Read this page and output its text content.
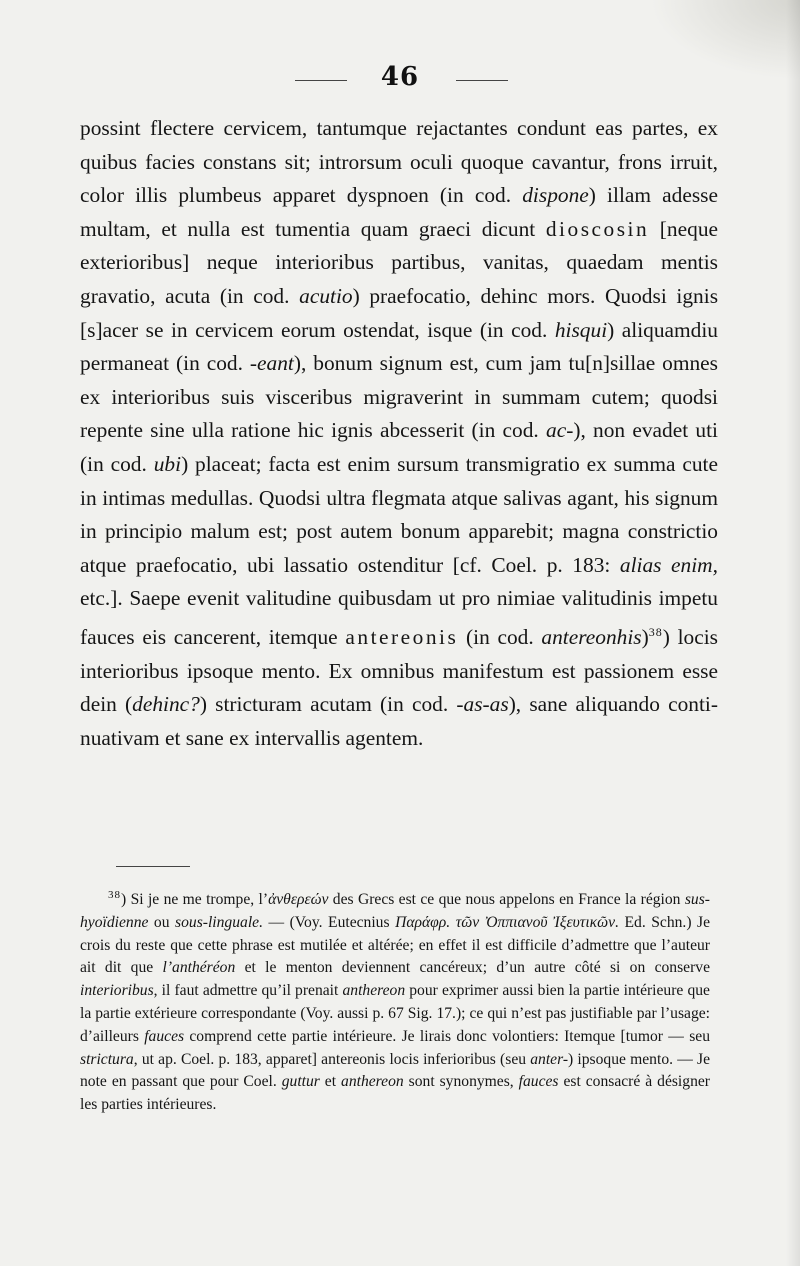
46

possint flectere cervicem, tantumque rejactantes condunt eas partes, ex quibus facies constans sit; introrsum oculi quoque cavantur, frons irruit, color illis plumbeus apparet dyspnoen (in cod. dispone) illam adesse multam, et nulla est tumentia quam graeci dicunt dioscosin [neque exterioribus] neque interioribus partibus, vanitas, quaedam mentis gravatio, acuta (in cod. acutio) praefocatio, dehinc mors. Quodsi ignis [s]acer se in cervicem eorum ostendat, isque (in cod. hisqui) aliquamdiu permaneat (in cod. -eant), bonum signum est, cum jam tu[n]sillae omnes ex interioribus suis visceribus migraverint in summam cutem; quodsi repente sine ulla ratione hic ignis abcesserit (in cod. ac-), non evadet uti (in cod. ubi) placeat; facta est enim sursum transmigratio ex summa cute in intimas medullas. Quodsi ultra flegmata atque salivas agant, his signum in principio malum est; post autem bonum apparebit; magna constrictio atque praefocatio, ubi lassatio ostenditur [cf. Coel. p. 183: alias enim, etc.]. Saepe evenit valitudine quibusdam ut pro nimiae valitudinis impetu fauces eis cancerent, itemque antereonis (in cod. antereonhis)$^{38}$) locis interioribus ipsoque mento. Ex omnibus manifestum est passionem esse dein (dehinc?) stricturam acutam (in cod. -as-as), sane aliquando continuativam et sane ex intervallis agentem.

$^{38}$) Si je ne me trompe, l’ἀνθερεών des Grecs est ce que nous appelons en France la région sus-hyoïdienne ou sous-linguale. — (Voy. Eutecnius Παράφρ. τῶν Ὀππιανοῦ Ἰξευτικῶν. Ed. Schn.) Je crois du reste que cette phrase est mutilée et altérée; en effet il est difficile d’admettre que l’auteur ait dit que l’anthéréon et le menton deviennent cancéreux; d’un autre côté si on conserve interioribus, il faut admettre qu’il prenait anthereon pour exprimer aussi bien la partie intérieure que la partie extérieure correspondante (Voy. aussi p. 67 Sig. 17.); ce qui n’est pas justifiable par l’usage: d’ailleurs fauces comprend cette partie intérieure. Je lirais donc volontiers: Itemque [tumor — seu strictura, ut ap. Coel. p. 183, apparet] antereonis locis inferioribus (seu anter-) ipsoque mento. — Je note en passant que pour Coel. guttur et anthereon sont synonymes, fauces est consacré à désigner les parties intérieures.
